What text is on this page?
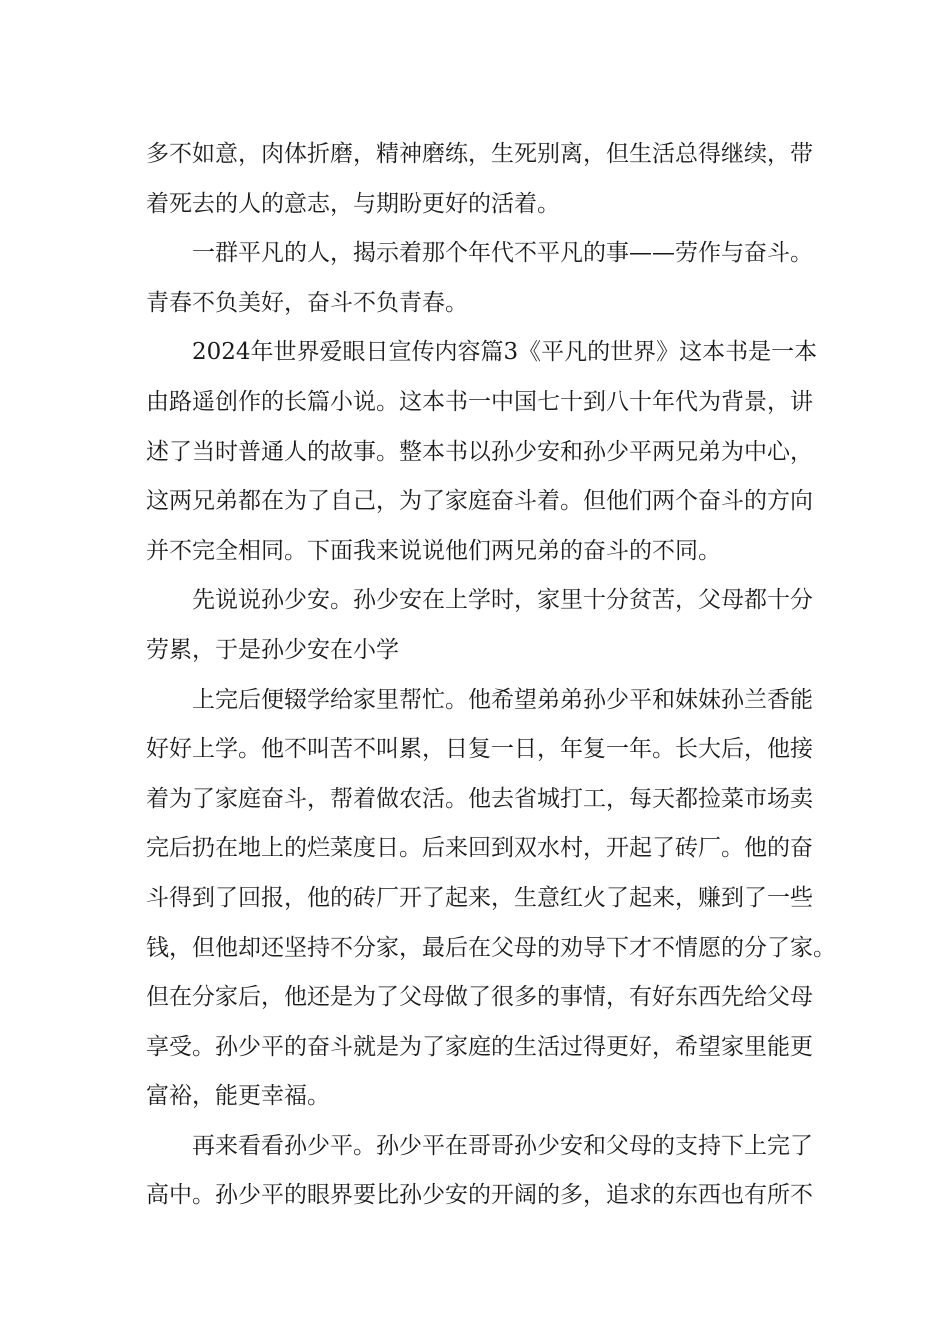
多不如意，肉体折磨，精神磨练，生死别离，但生活总得继续，带
着死去的人的意志，与期盼更好的活着。
　　一群平凡的人，揭示着那个年代不平凡的事——劳作与奋斗。
青春不负美好，奋斗不负青春。
　　2024年世界爱眼日宣传内容篇3《平凡的世界》这本书是一本
由路遥创作的长篇小说。这本书一中国七十到八十年代为背景，讲
述了当时普通人的故事。整本书以孙少安和孙少平两兄弟为中心，
这两兄弟都在为了自己，为了家庭奋斗着。但他们两个奋斗的方向
并不完全相同。下面我来说说他们两兄弟的奋斗的不同。
　　先说说孙少安。孙少安在上学时，家里十分贫苦，父母都十分
劳累，于是孙少安在小学
　　上完后便辍学给家里帮忙。他希望弟弟孙少平和妹妹孙兰香能
好好上学。他不叫苦不叫累，日复一日，年复一年。长大后，他接
着为了家庭奋斗，帮着做农活。他去省城打工，每天都捡菜市场卖
完后扔在地上的烂菜度日。后来回到双水村，开起了砖厂。他的奋
斗得到了回报，他的砖厂开了起来，生意红火了起来，赚到了一些
钱，但他却还坚持不分家，最后在父母的劝导下才不情愿的分了家。
但在分家后，他还是为了父母做了很多的事情，有好东西先给父母
享受。孙少平的奋斗就是为了家庭的生活过得更好，希望家里能更
富裕，能更幸福。
　　再来看看孙少平。孙少平在哥哥孙少安和父母的支持下上完了
高中。孙少平的眼界要比孙少安的开阔的多，追求的东西也有所不
